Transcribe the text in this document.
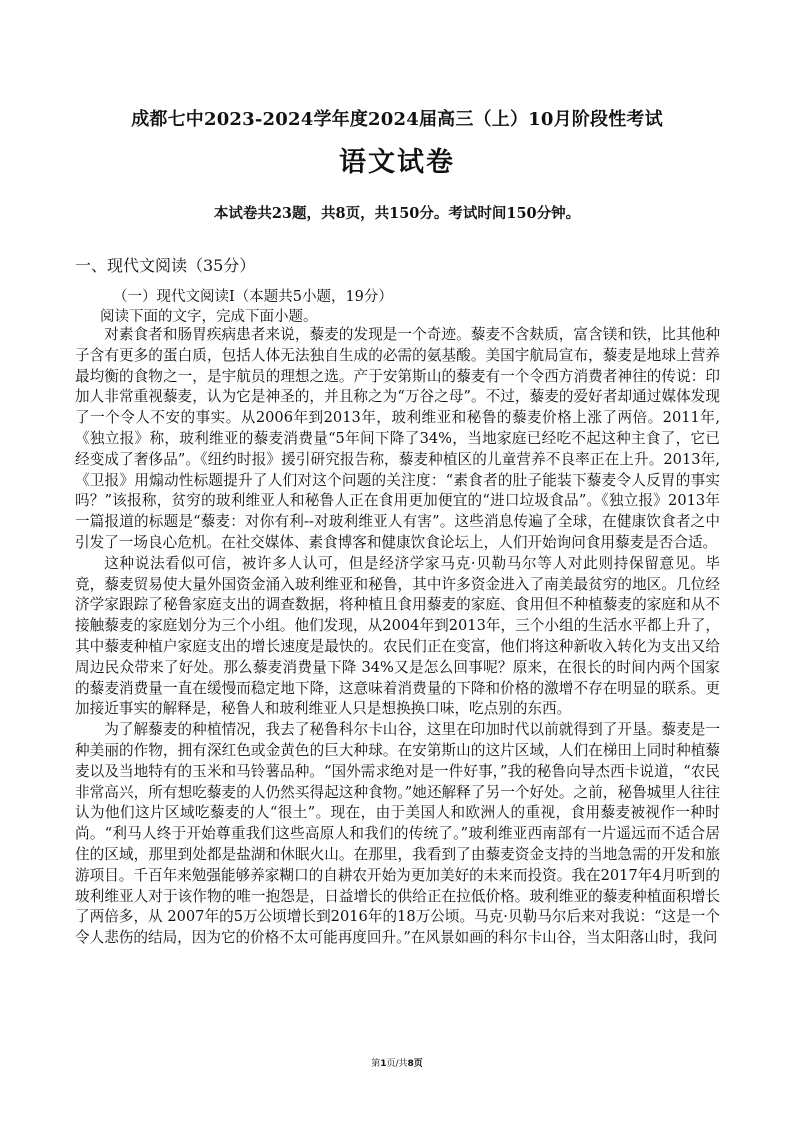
成都七中2023-2024学年度2024届高三（上）10月阶段性考试
语文试卷
本试卷共23题，共8页，共150分。考试时间150分钟。
一、现代文阅读（35分）
（一）现代文阅读Ⅰ（本题共5小题，19分）
阅读下面的文字，完成下面小题。

对素食者和肠胃疾病患者来说，藜麦的发现是一个奇迹。藜麦不含麸质，富含镁和铁，比其他种子含有更多的蛋白质，包括人体无法独自生成的必需的氨基酸。美国宇航局宣布，藜麦是地球上营养最均衡的食物之一，是宇航员的理想之选。产于安第斯山的藜麦有一个令西方消费者神往的传说：印加人非常重视藜麦，认为它是神圣的，并且称之为“万谷之母”。不过，藜麦的爱好者却通过媒体发现了一个令人不安的事实。从2006年到2013年，玻利维亚和秘鲁的藜麦价格上涨了两倍。2011年,《独立报》称，玻利维亚的藜麦消费量“5年间下降了34%，当地家庭已经吃不起这种主食了，它已经变成了奢侈品”。《纽约时报》援引研究报告称，藜麦种植区的儿童营养不良率正在上升。2013年,《卫报》用煽动性标题提升了人们对这个问题的关注度：“素食者的肚子能装下藜麦令人反胃的事实吗？”该报称，贫穷的玻利维亚人和秘鲁人正在食用更加便宜的“进口垃圾食品”。《独立报》2013年一篇报道的标题是“藜麦：对你有利--对玻利维亚人有害”。这些消息传遍了全球，在健康饮食者之中引发了一场良心危机。在社交媒体、素食博客和健康饮食论坛上，人们开始询问食用藜麦是否合适。

这种说法看似可信，被许多人认可，但是经济学家马克·贝勒马尔等人对此则持保留意见。毕竟，藜麦贸易使大量外国资金涌入玻利维亚和秘鲁，其中许多资金进入了南美最贫穷的地区。几位经济学家跟踪了秘鲁家庭支出的调查数据，将种植且食用藜麦的家庭、食用但不种植藜麦的家庭和从不接触藜麦的家庭划分为三个小组。他们发现，从2004年到2013年，三个小组的生活水平都上升了，其中藜麦种植户家庭支出的增长速度是最快的。农民们正在变富，他们将这种新收入转化为支出又给周边民众带来了好处。那么藜麦消费量下降 34%又是怎么回事呢？原来，在很长的时间内两个国家的藜麦消费量一直在缓慢而稳定地下降，这意味着消费量的下降和价格的激增不存在明显的联系。更加接近事实的解释是，秘鲁人和玻利维亚人只是想换换口味，吃点别的东西。

为了解藜麦的种植情况，我去了秘鲁科尔卡山谷，这里在印加时代以前就得到了开垦。藜麦是一种美丽的作物，拥有深红色或金黄色的巨大种球。在安第斯山的这片区域，人们在梯田上同时种植藜麦以及当地特有的玉米和马铃薯品种。“国外需求绝对是一件好事，”我的秘鲁向导杰西卡说道，“农民非常高兴，所有想吃藜麦的人仍然买得起这种食物。”她还解释了另一个好处。之前，秘鲁城里人往往认为他们这片区域吃藜麦的人“很土”。现在，由于美国人和欧洲人的重视，食用藜麦被视作一种时尚。“利马人终于开始尊重我们这些高原人和我们的传统了。”玻利维亚西南部有一片遥远而不适合居住的区域，那里到处都是盐湖和休眠火山。在那里，我看到了由藜麦资金支持的当地急需的开发和旅游项目。千百年来勉强能够养家糊口的自耕农开始为更加美好的未来而投资。我在2017年4月听到的玻利维亚人对于该作物的唯一抱怨是，日益增长的供给正在拉低价格。玻利维亚的藜麦种植面积增长了两倍多，从 2007年的5万公顷增长到2016年的18万公顷。马克·贝勒马尔后来对我说：“这是一个令人悲伤的结局，因为它的价格不太可能再度回升。”在风景如画的科尔卡山谷，当太阳落山时，我问

第1页/共8页
